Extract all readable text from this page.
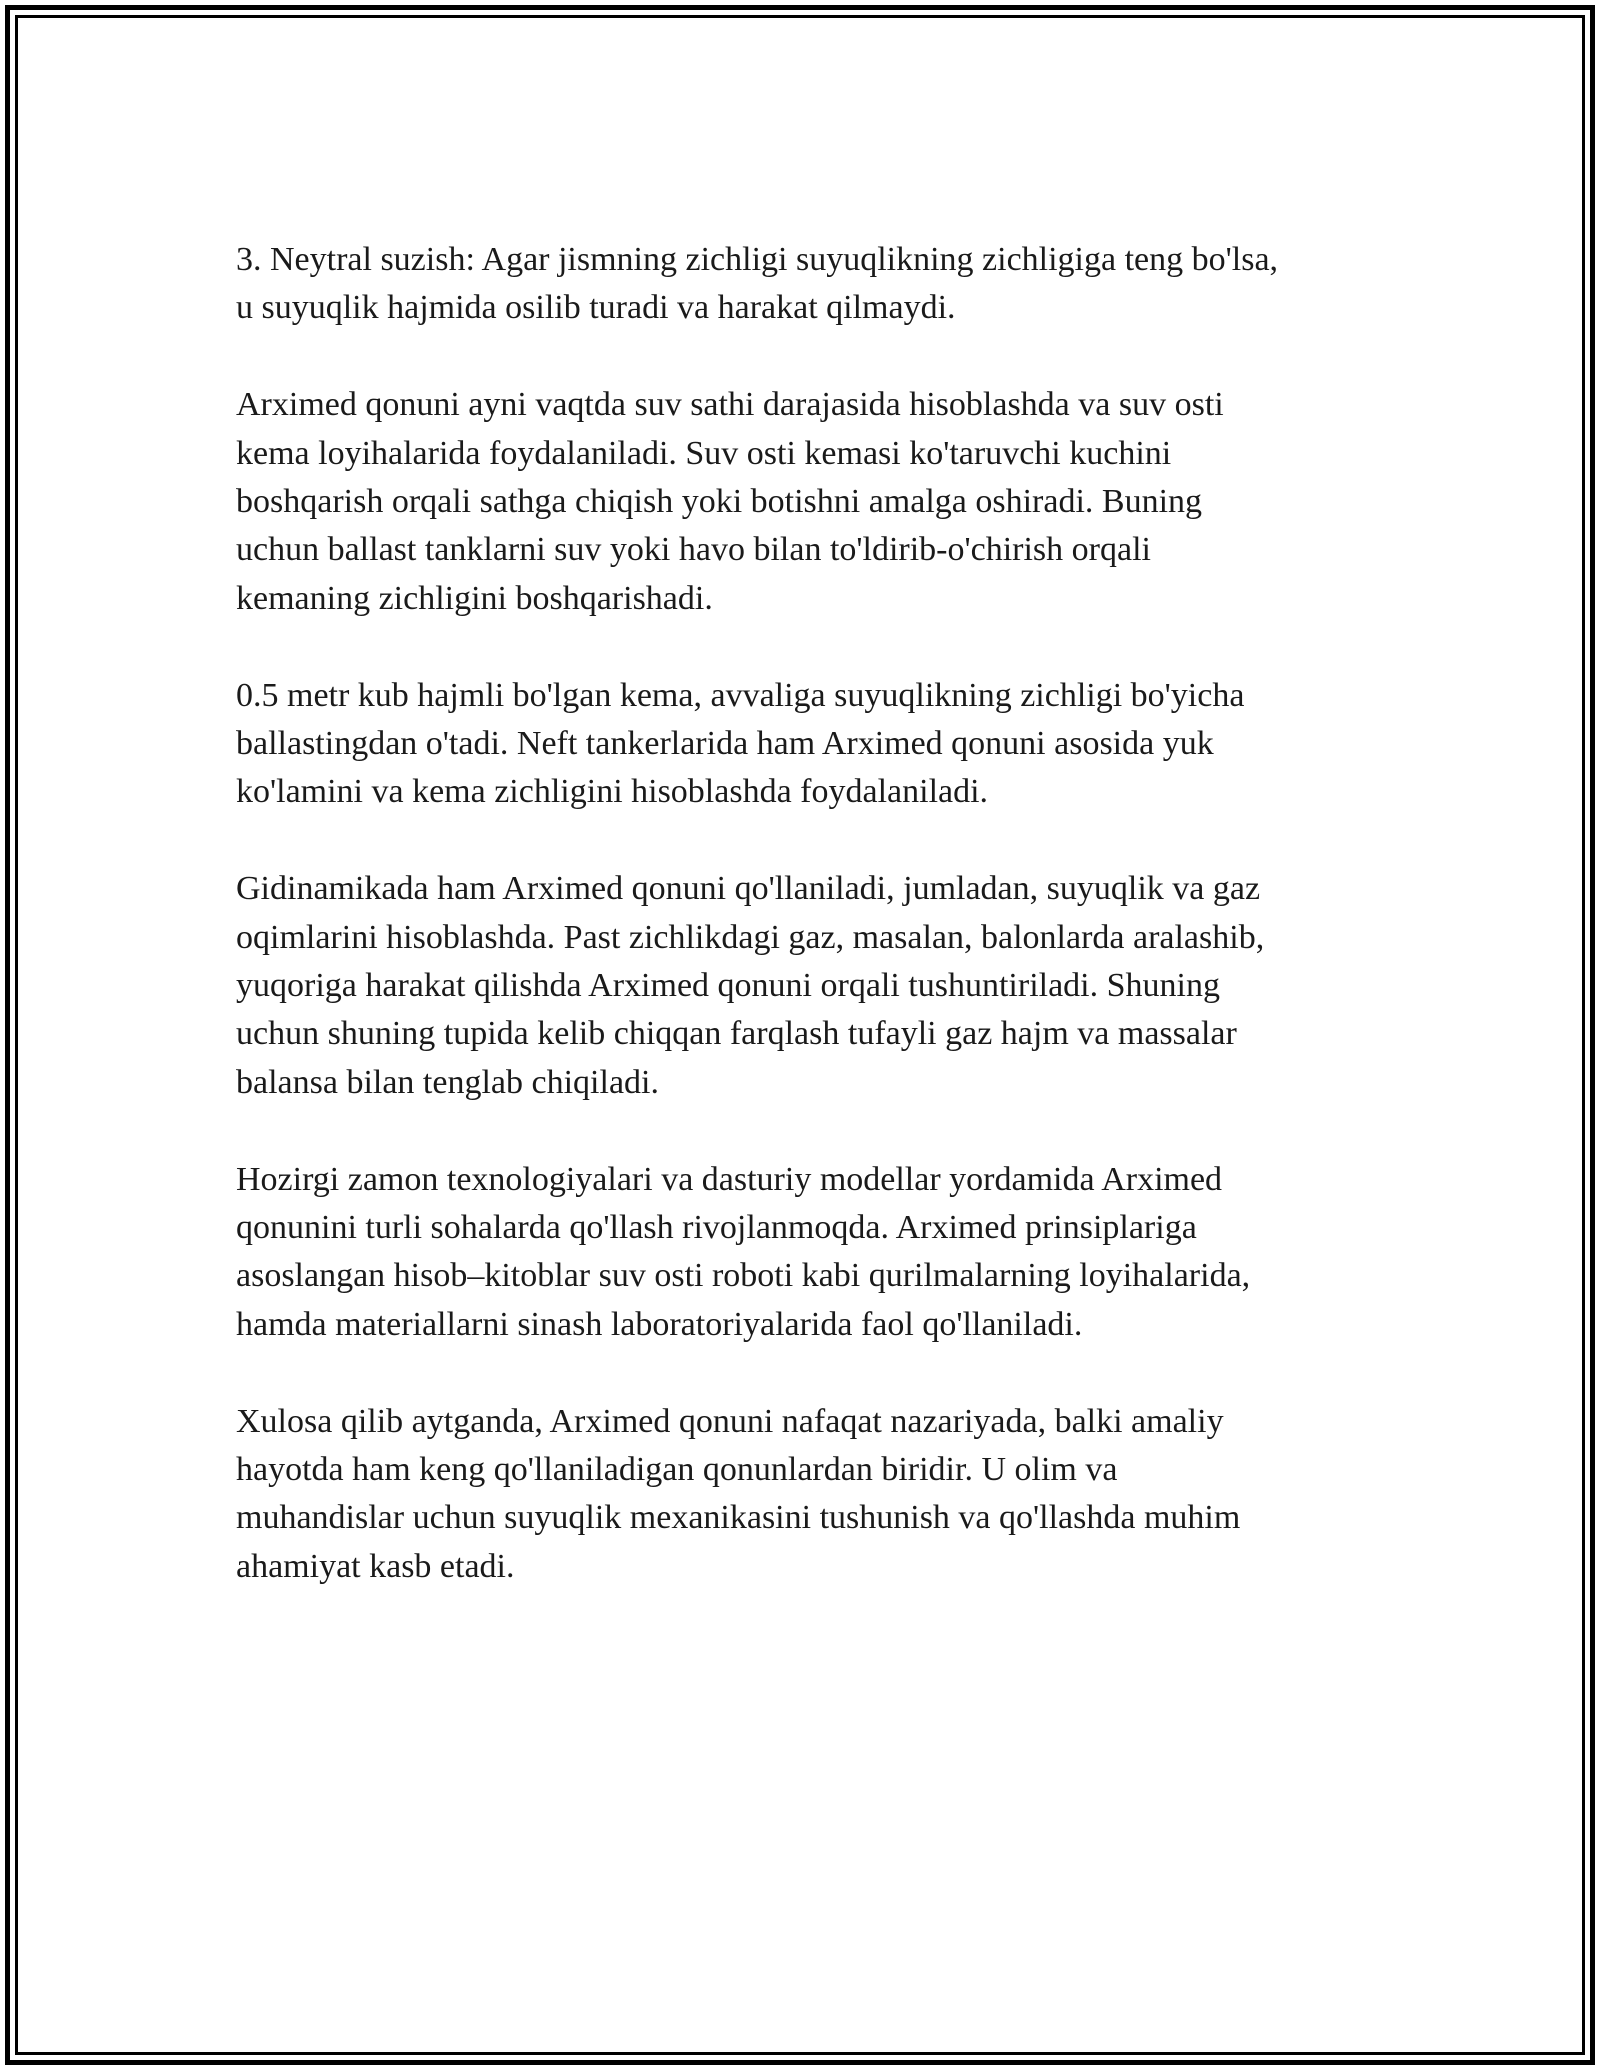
3. Neytral suzish: Agar jismning zichligi suyuqlikning zichligiga teng bo'lsa,
u suyuqlik hajmida osilib turadi va harakat qilmaydi.

Arximed qonuni ayni vaqtda suv sathi darajasida hisoblashda va suv osti
kema loyihalarida foydalaniladi. Suv osti kemasi ko'taruvchi kuchini
boshqarish orqali sathga chiqish yoki botishni amalga oshiradi. Buning
uchun ballast tanklarni suv yoki havo bilan to'ldirib-o'chirish orqali
kemaning zichligini boshqarishadi.

0.5 metr kub hajmli bo'lgan kema, avvaliga suyuqlikning zichligi bo'yicha
ballastingdan o'tadi. Neft tankerlarida ham Arximed qonuni asosida yuk
ko'lamini va kema zichligini hisoblashda foydalaniladi.

Gidinamikada ham Arximed qonuni qo'llaniladi, jumladan, suyuqlik va gaz
oqimlarini hisoblashda. Past zichlikdagi gaz, masalan, balonlarda aralashib,
yuqoriga harakat qilishda Arximed qonuni orqali tushuntiriladi. Shuning
uchun shuning tupida kelib chiqqan farqlash tufayli gaz hajm va massalar
balansa bilan tenglab chiqiladi.

Hozirgi zamon texnologiyalari va dasturiy modellar yordamida Arximed
qonunini turli sohalarda qo'llash rivojlanmoqda. Arximed prinsiplariga
asoslangan hisob–kitoblar suv osti roboti kabi qurilmalarning loyihalarida,
hamda materiallarni sinash laboratoriyalarida faol qo'llaniladi.

Xulosa qilib aytganda, Arximed qonuni nafaqat nazariyada, balki amaliy
hayotda ham keng qo'llaniladigan qonunlardan biridir. U olim va
muhandislar uchun suyuqlik mexanikasini tushunish va qo'llashda muhim
ahamiyat kasb etadi.
